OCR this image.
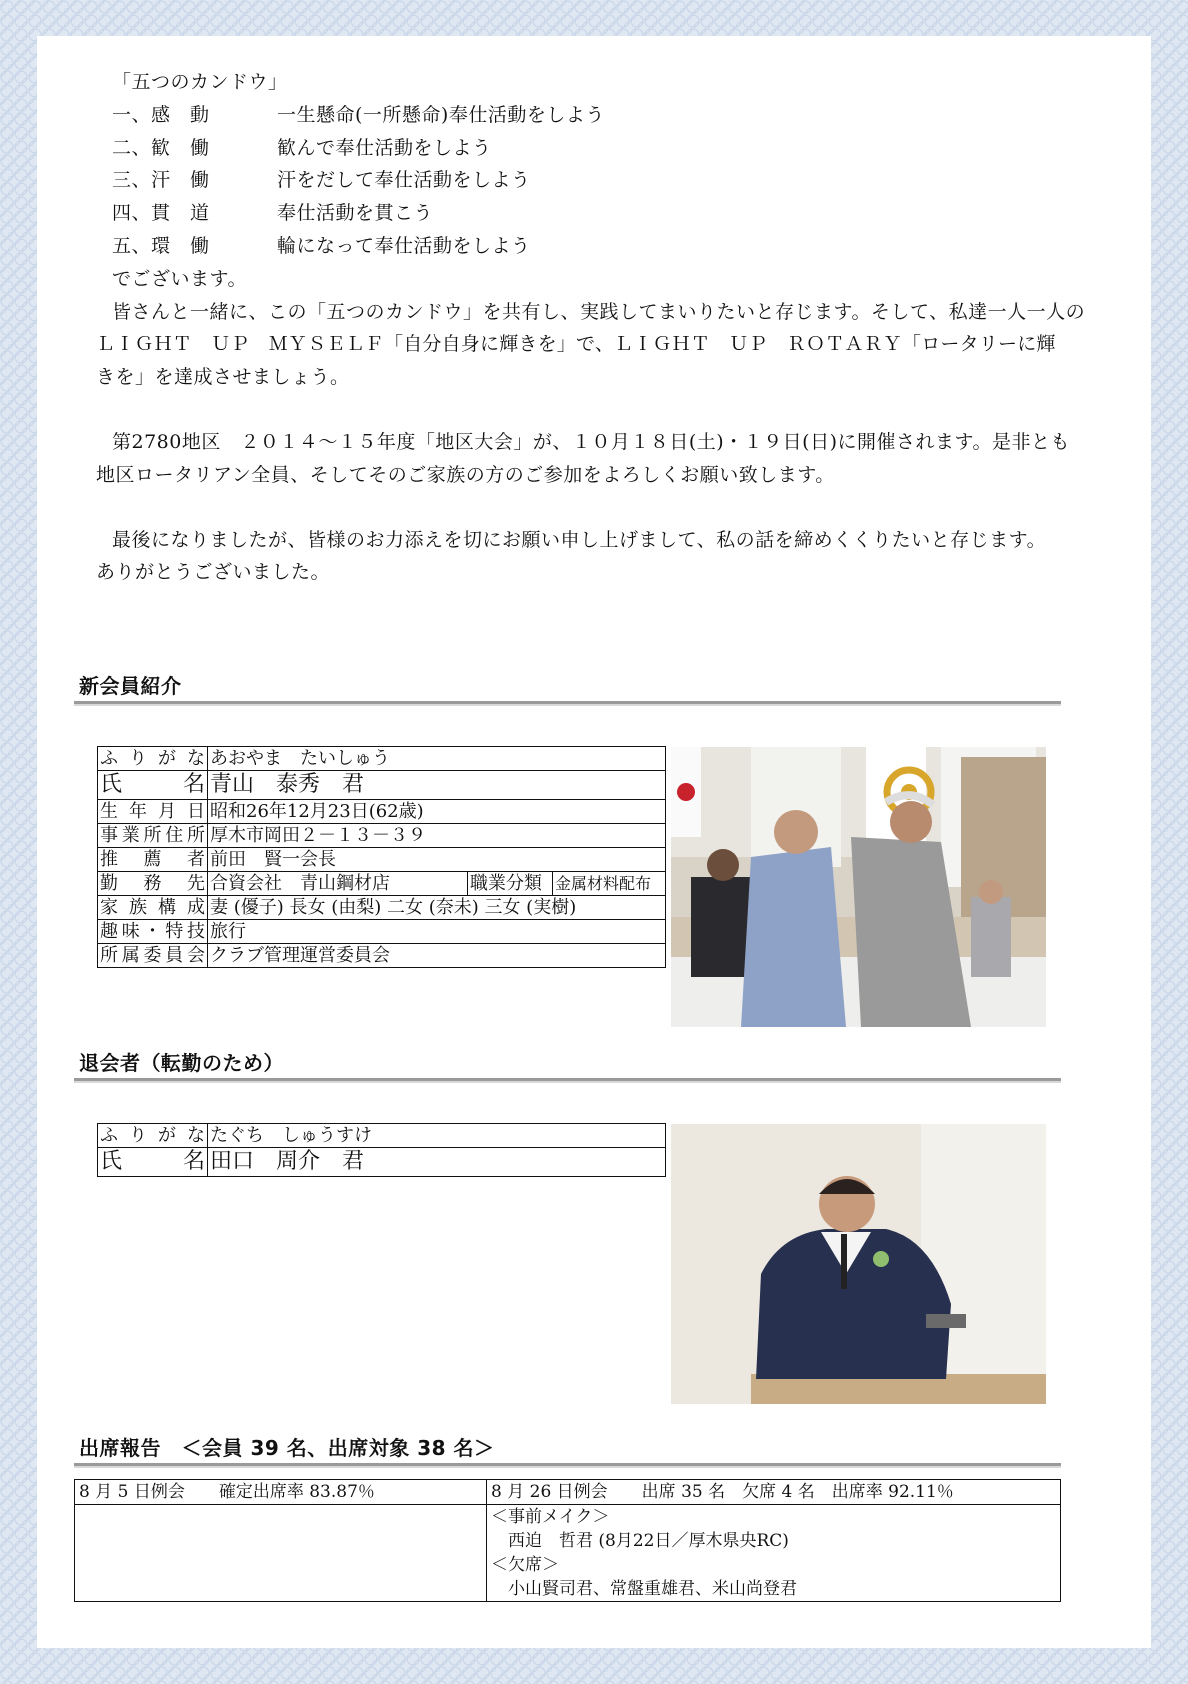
「五つのカンドウ」
一、感　動	一生懸命(一所懸命)奉仕活動をしよう
二、歓　働	歓んで奉仕活動をしよう
三、汗　働	汗をだして奉仕活動をしよう
四、貫　道	奉仕活動を貫こう
五、環　働	輪になって奉仕活動をしよう
でございます。
皆さんと一緒に、この「五つのカンドウ」を共有し、実践してまいりたいと存じます。そして、私達一人一人の
ＬＩＧＨＴ　ＵＰ　ＭＹＳＥＬＦ「自分自身に輝きを」で、ＬＩＧＨＴ　ＵＰ　ＲＯＴＡＲＹ「ロータリーに輝
きを」を達成させましょう。
第2780地区　２０１４～１５年度「地区大会」が、１０月１８日(土)・１９日(日)に開催されます。是非とも
地区ロータリアン全員、そしてそのご家族の方のご参加をよろしくお願い致します。
最後になりましたが、皆様のお力添えを切にお願い申し上げまして、私の話を締めくくりたいと存じます。
ありがとうございました。
新会員紹介
ふりがな	あおやま　たいしゅう		
氏名	青山　泰秀　君		
生年月日	昭和26年12月23日(62歳)		
事業所住所	厚木市岡田２－１３－３９		
推薦者	前田　賢一会長		
勤務先	合資会社　青山鋼材店	職業分類	金属材料配布
家族構成	妻 (優子) 長女 (由梨) 二女 (奈未) 三女 (実樹)		
趣味・特技	旅行		
所属委員会	クラブ管理運営委員会		
退会者（転勤のため）
ふりがな	たぐち　しゅうすけ
氏名	田口　周介　君
出席報告　＜会員 39 名、出席対象 38 名＞
8 月 5 日例会　　確定出席率 83.87％	8 月 26 日例会　　出席 35 名　欠席 4 名　出席率 92.11％

	＜事前メイク＞
　西迫　哲君 (8月22日／厚木県央RC)
＜欠席＞
　小山賢司君、常盤重雄君、米山尚登君
